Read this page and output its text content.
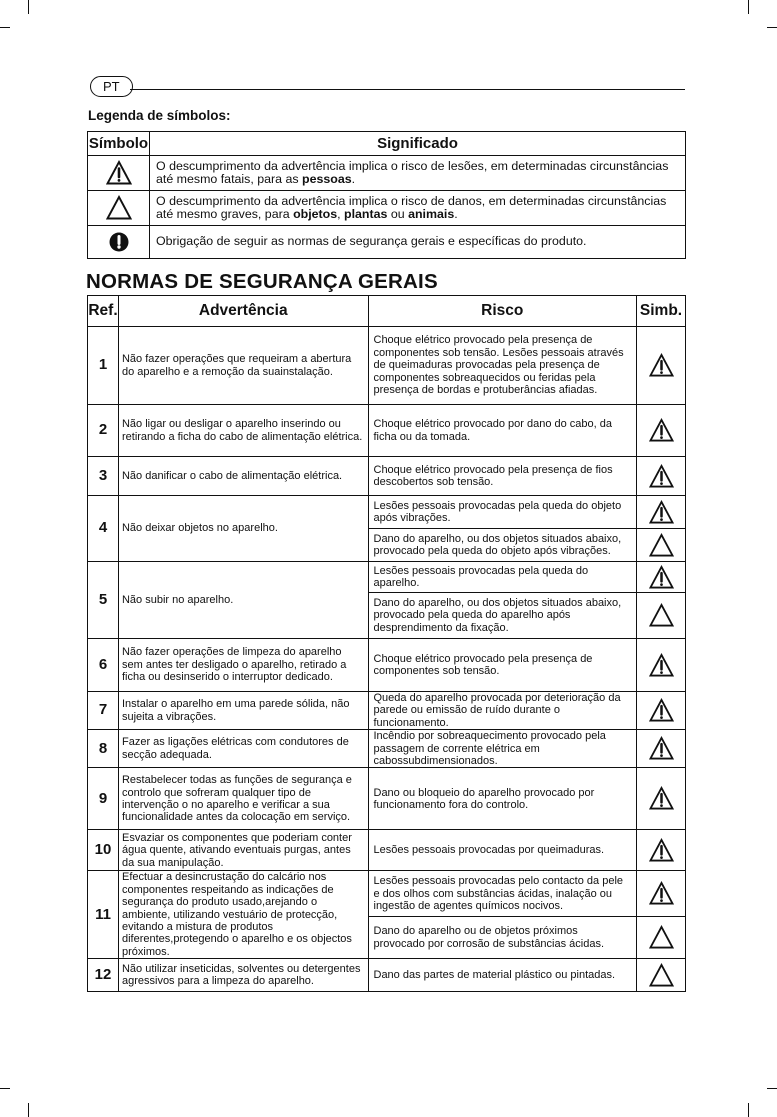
PT
Legenda de símbolos:
Símbolo	Significado

	O descumprimento da advertência implica o risco de lesões, em determinadas circunstâncias até mesmo fatais, para as pessoas.

	O descumprimento da advertência implica o risco de danos, em determinadas circunstâncias até mesmo graves, para objetos, plantas ou animais.

	Obrigação de seguir as normas de segurança gerais e específicas do produto.
NORMAS DE SEGURANÇA GERAIS
Ref.	Advertência	Risco	Simb.
1	Não fazer operações que requeiram a abertura do aparelho e a remoção da suainstalação.	Choque elétrico provocado pela presença de componentes sob tensão. Lesões pessoais através de queimaduras provocadas pela presença de componentes sobreaquecidos ou feridas pela presença de bordas e protuberâncias afiadas.	

2	Não ligar ou desligar o aparelho inserindo ou retirando a ficha do cabo de alimentação elétrica.	Choque elétrico provocado por dano do cabo, da ficha ou da tomada.	

3	Não danificar o cabo de alimentação elétrica.	Choque elétrico provocado pela presença de fios descobertos sob tensão.	

4	Não deixar objetos no aparelho.	Lesões pessoais provocadas pela queda do objeto após vibrações.	

		Dano do aparelho, ou dos objetos situados abaixo, provocado pela queda do objeto após vibrações.	

5	Não subir no aparelho.	Lesões pessoais provocadas pela queda do aparelho.	

		Dano do aparelho, ou dos objetos situados abaixo, provocado pela queda do aparelho após desprendimento da fixação.	

6	Não fazer operações de limpeza do aparelho sem antes ter desligado o aparelho, retirado a ficha ou desinserido o interruptor dedicado.	Choque elétrico provocado pela presença de componentes sob tensão.	

7	Instalar o aparelho em uma parede sólida, não sujeita a vibrações.	Queda do aparelho provocada por deterioração da parede ou emissão de ruído durante o funcionamento.	

8	Fazer as ligações elétricas com condutores de secção adequada.	Incêndio por sobreaquecimento provocado pela passagem de corrente elétrica em cabossubdimensionados.	

9	Restabelecer todas as funções de segurança e controlo que sofreram qualquer tipo de intervenção o no aparelho e verificar a sua funcionalidade antes da colocação em serviço.	Dano ou bloqueio do aparelho provocado por funcionamento fora do controlo.	

10	Esvaziar os componentes que poderiam conter água quente, ativando eventuais purgas, antes da sua manipulação.	Lesões pessoais provocadas por queimaduras.	

11	Efectuar a desincrustação do calcário nos componentes respeitando as indicações de segurança do produto usado,arejando o ambiente, utilizando vestuário de protecção, evitando a mistura de produtos diferentes,protegendo o aparelho e os objectos próximos.	Lesões pessoais provocadas pelo contacto da pele e dos olhos com substâncias ácidas, inalação ou ingestão de agentes químicos nocivos.	

		Dano do aparelho ou de objetos próximos provocado por corrosão de substâncias ácidas.	

12	Não utilizar inseticidas, solventes ou detergentes agressivos para a limpeza do aparelho.	Dano das partes de material plástico ou pintadas.	
